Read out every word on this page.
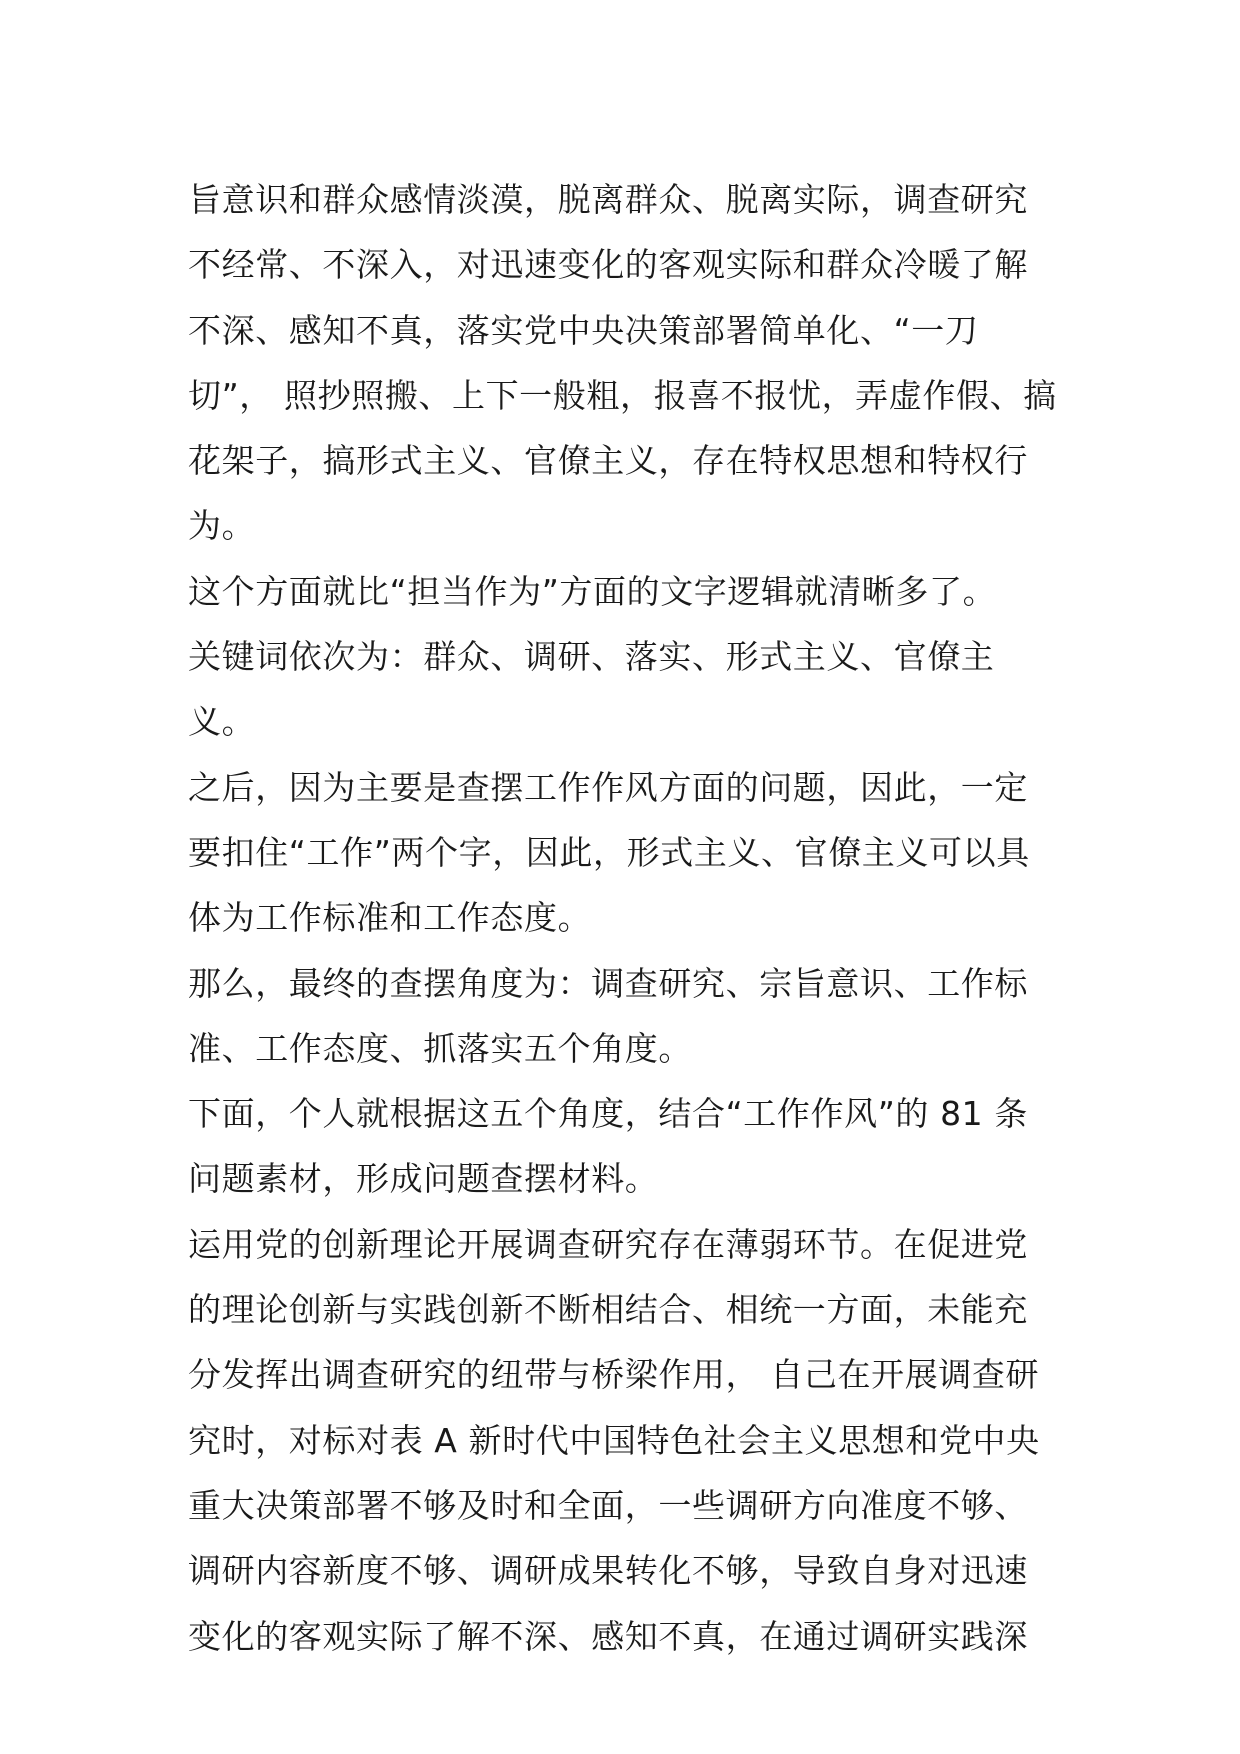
旨意识和群众感情淡漠，脱离群众、脱离实际，调查研究不经常、不深入，对迅速变化的客观实际和群众冷暖了解不深、感知不真，落实党中央决策部署简单化、“一刀切”， 照抄照搬、上下一般粗，报喜不报忧，弄虚作假、搞花架子，搞形式主义、官僚主义，存在特权思想和特权行为。

这个方面就比“担当作为”方面的文字逻辑就清晰多了。

关键词依次为：群众、调研、落实、形式主义、官僚主义。

之后，因为主要是查摆工作作风方面的问题，因此，一定要扣住“工作”两个字，因此，形式主义、官僚主义可以具体为工作标准和工作态度。

那么，最终的查摆角度为：调查研究、宗旨意识、工作标准、工作态度、抓落实五个角度。

下面，个人就根据这五个角度，结合“工作作风”的 81 条问题素材，形成问题查摆材料。

运用党的创新理论开展调查研究存在薄弱环节。在促进党的理论创新与实践创新不断相结合、相统一方面，未能充分发挥出调查研究的纽带与桥梁作用， 自己在开展调查研究时，对标对表 A 新时代中国特色社会主义思想和党中央重大决策部署不够及时和全面，一些调研方向准度不够、调研内容新度不够、调研成果转化不够，导致自身对迅速变化的客观实际了解不深、感知不真，在通过调研实践深
